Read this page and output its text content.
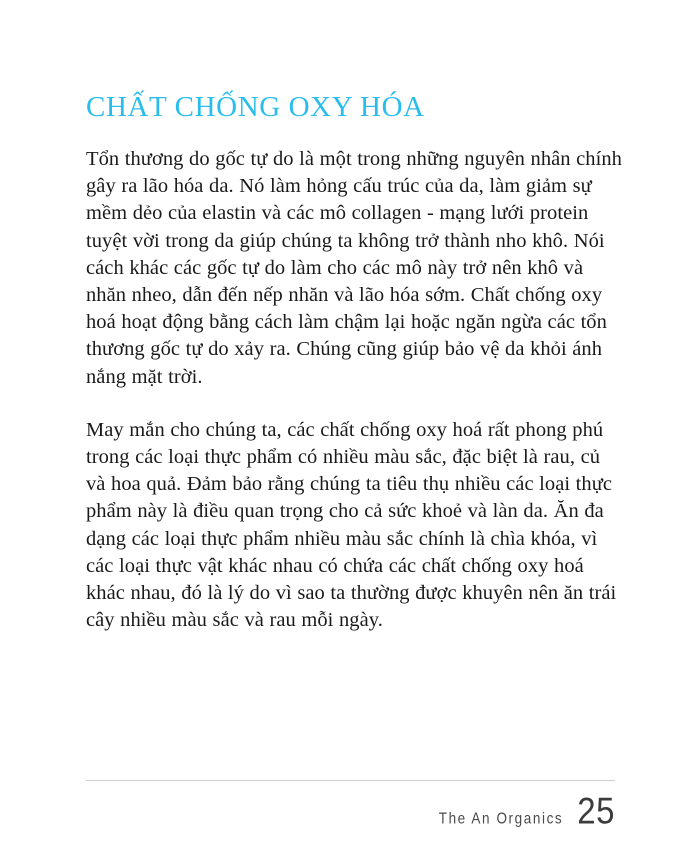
CHẤT CHỐNG OXY HÓA

Tổn thương do gốc tự do là một trong những nguyên nhân chính gây ra lão hóa da. Nó làm hỏng cấu trúc của da, làm giảm sự mềm dẻo của elastin và các mô collagen - mạng lưới protein tuyệt vời trong da giúp chúng ta không trở thành nho khô. Nói cách khác các gốc tự do làm cho các mô này trở nên khô và nhăn nheo, dẫn đến nếp nhăn và lão hóa sớm. Chất chống oxy hoá hoạt động bằng cách làm chậm lại hoặc ngăn ngừa các tổn thương gốc tự do xảy ra. Chúng cũng giúp bảo vệ da khỏi ánh nắng mặt trời.

May mắn cho chúng ta, các chất chống oxy hoá rất phong phú trong các loại thực phẩm có nhiều màu sắc, đặc biệt là rau, củ và hoa quả. Đảm bảo rằng chúng ta tiêu thụ nhiều các loại thực phẩm này là điều quan trọng cho cả sức khoẻ và làn da. Ăn đa dạng các loại thực phẩm nhiều màu sắc chính là chìa khóa, vì các loại thực vật khác nhau có chứa các chất chống oxy hoá khác nhau, đó là lý do vì sao ta thường được khuyên nên ăn trái cây nhiều màu sắc và rau mỗi ngày.

The An Organics 25
